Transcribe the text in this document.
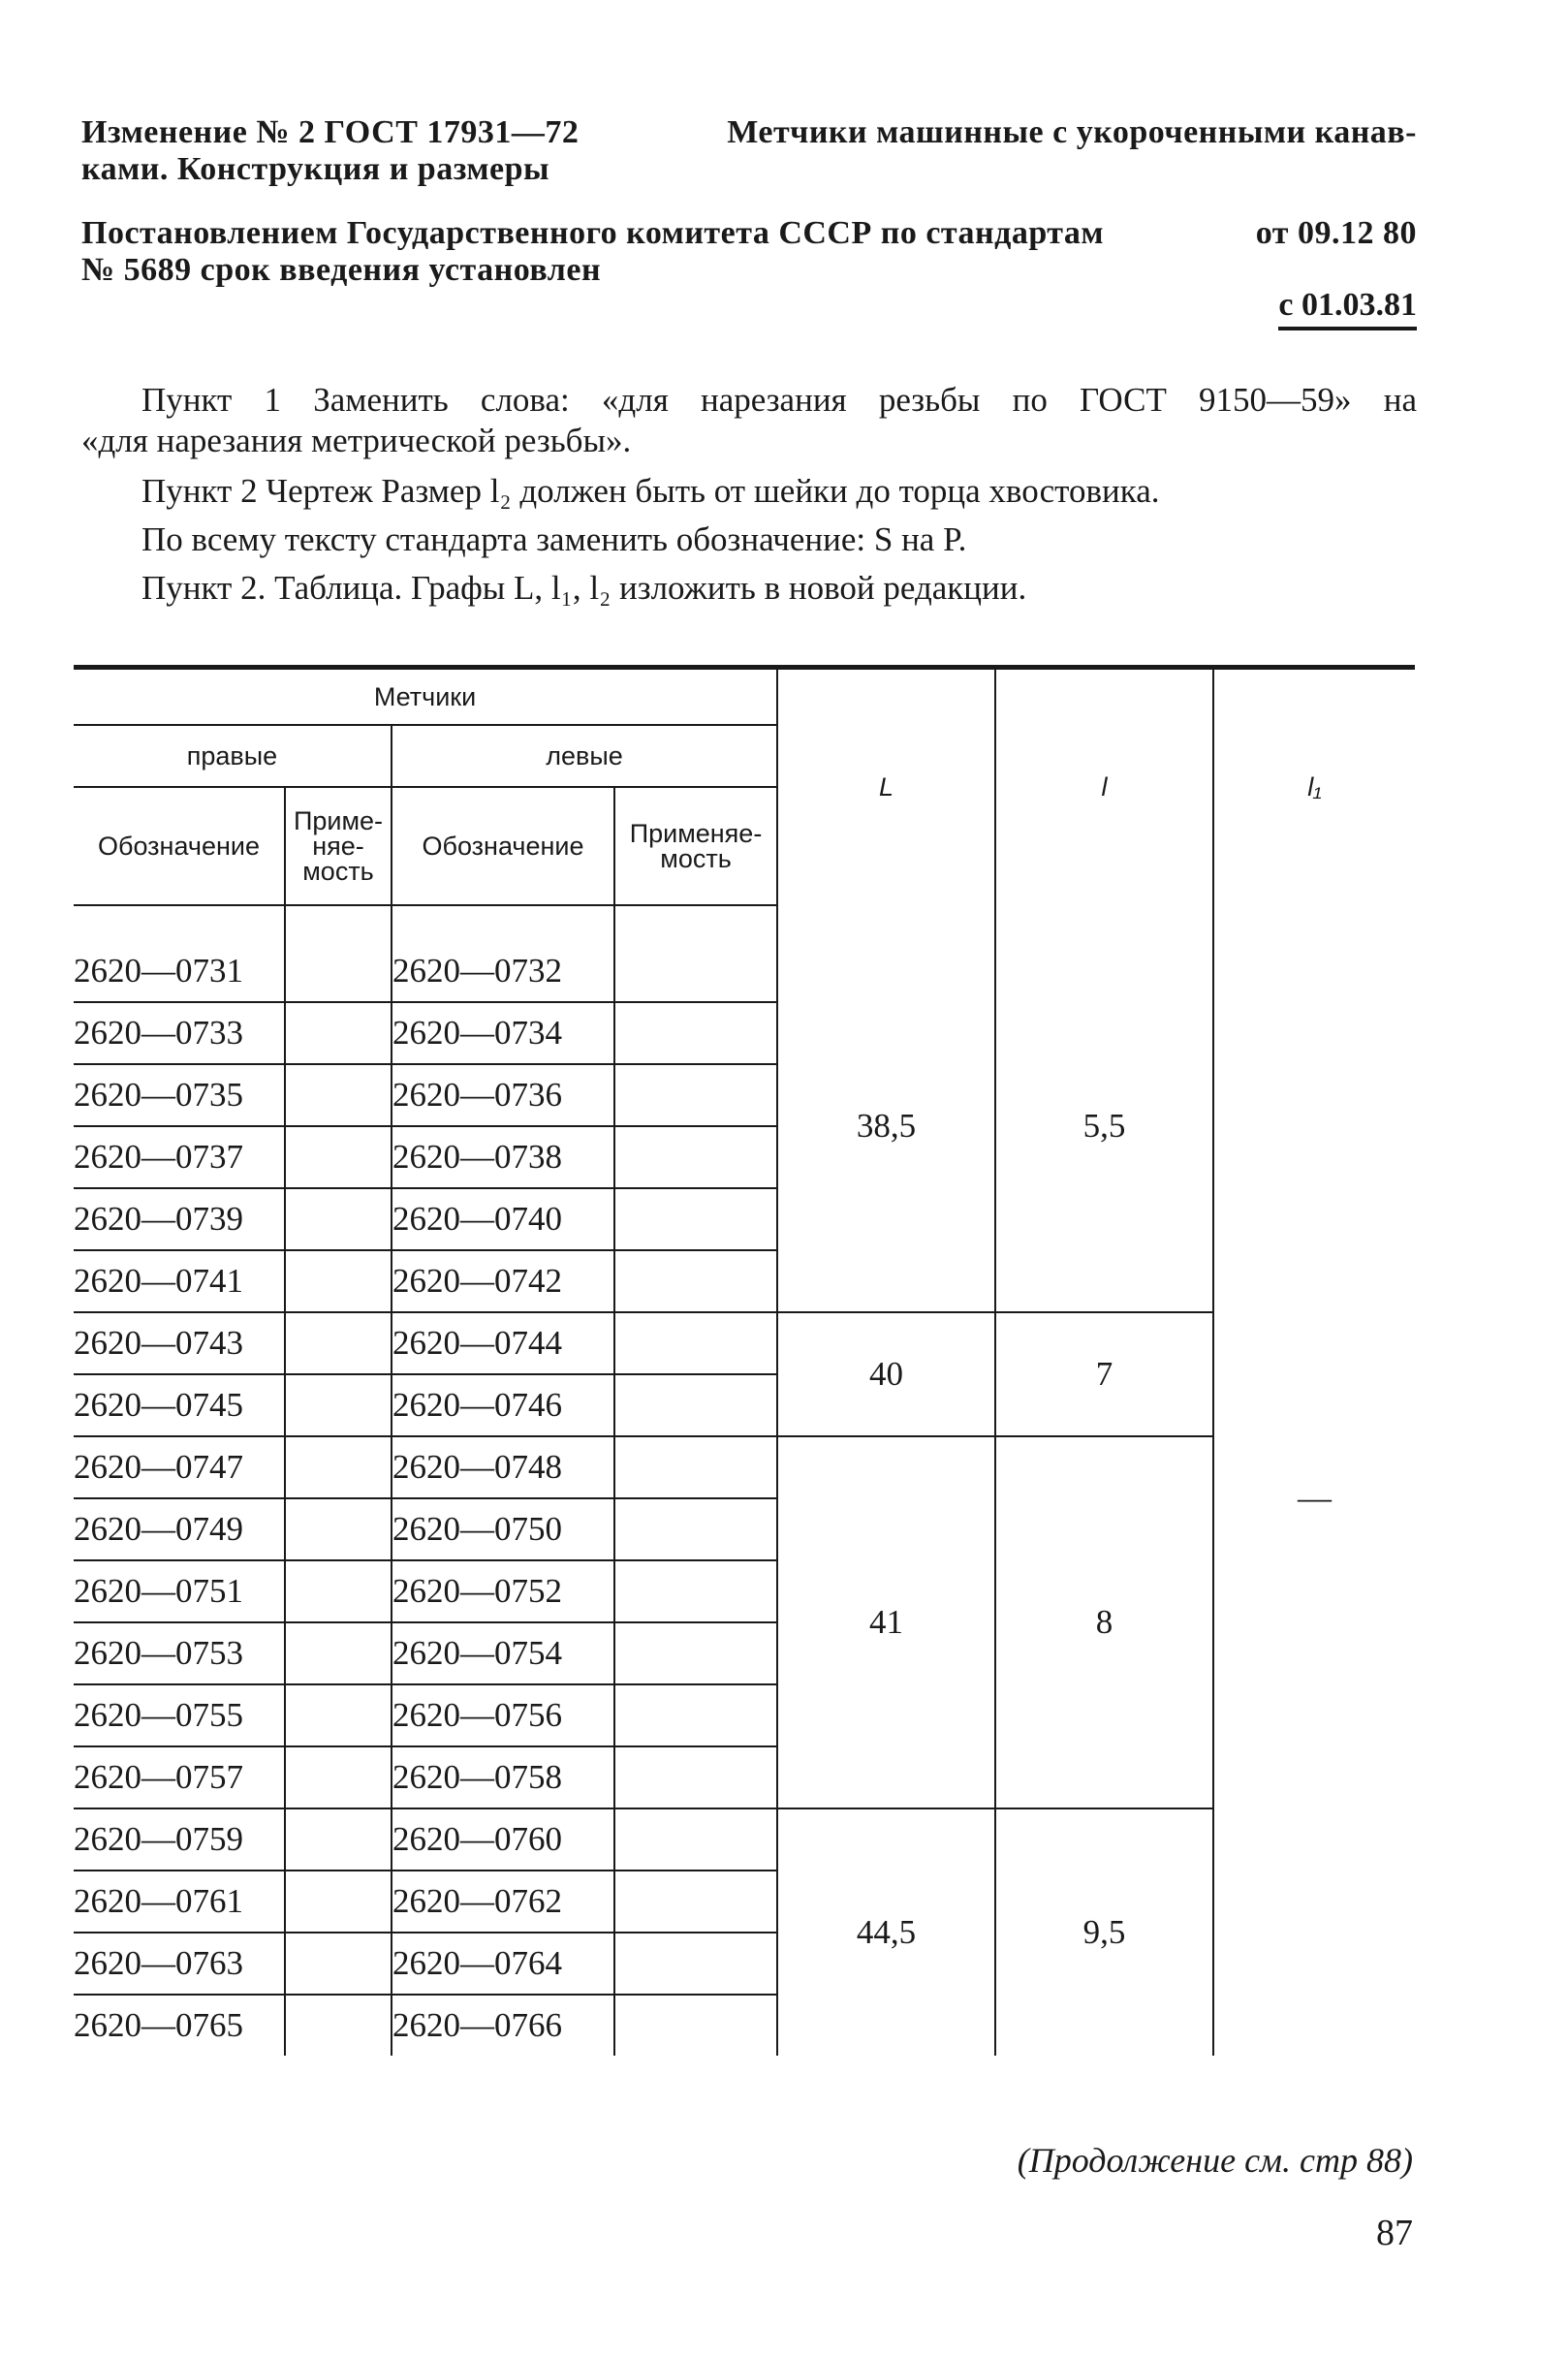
Изменение № 2 ГОСТ 17931—72	Метчики машинные с укороченными канав-
ками. Конструкция и размеры
Постановлением Государственного комитета СССР по стандартам	от 09.12 80
№ 5689 срок введения установлен
с 01.03.81

Пункт 1 Заменить слова: «для нарезания резьбы по ГОСТ 9150—59» на

«для нарезания метрической резьбы».

Пункт 2 Чертеж Размер l₂ должен быть от шейки до торца хвостовика.

По всему тексту стандарта заменить обозначение: S на P.

Пункт 2. Таблица. Графы L, l₁, l₂ изложить в новой редакции.

Метчики				L	l	l₁
правые		левые				
Обозначение	Приме-
няе-
мость	Обозначение	Применяе-
мость			

2620—0731		2620—0732		38,5	5,5	—
2620—0733		2620—0734				
2620—0735		2620—0736				
2620—0737		2620—0738				
2620—0739		2620—0740				
2620—0741		2620—0742				
2620—0743		2620—0744		40	7	
2620—0745		2620—0746				
2620—0747		2620—0748		41	8	
2620—0749		2620—0750				
2620—0751		2620—0752				
2620—0753		2620—0754				
2620—0755		2620—0756				
2620—0757		2620—0758				
2620—0759		2620—0760		44,5	9,5	
2620—0761		2620—0762				
2620—0763		2620—0764				
2620—0765		2620—0766				
(Продолжение см. стр 88)
87
